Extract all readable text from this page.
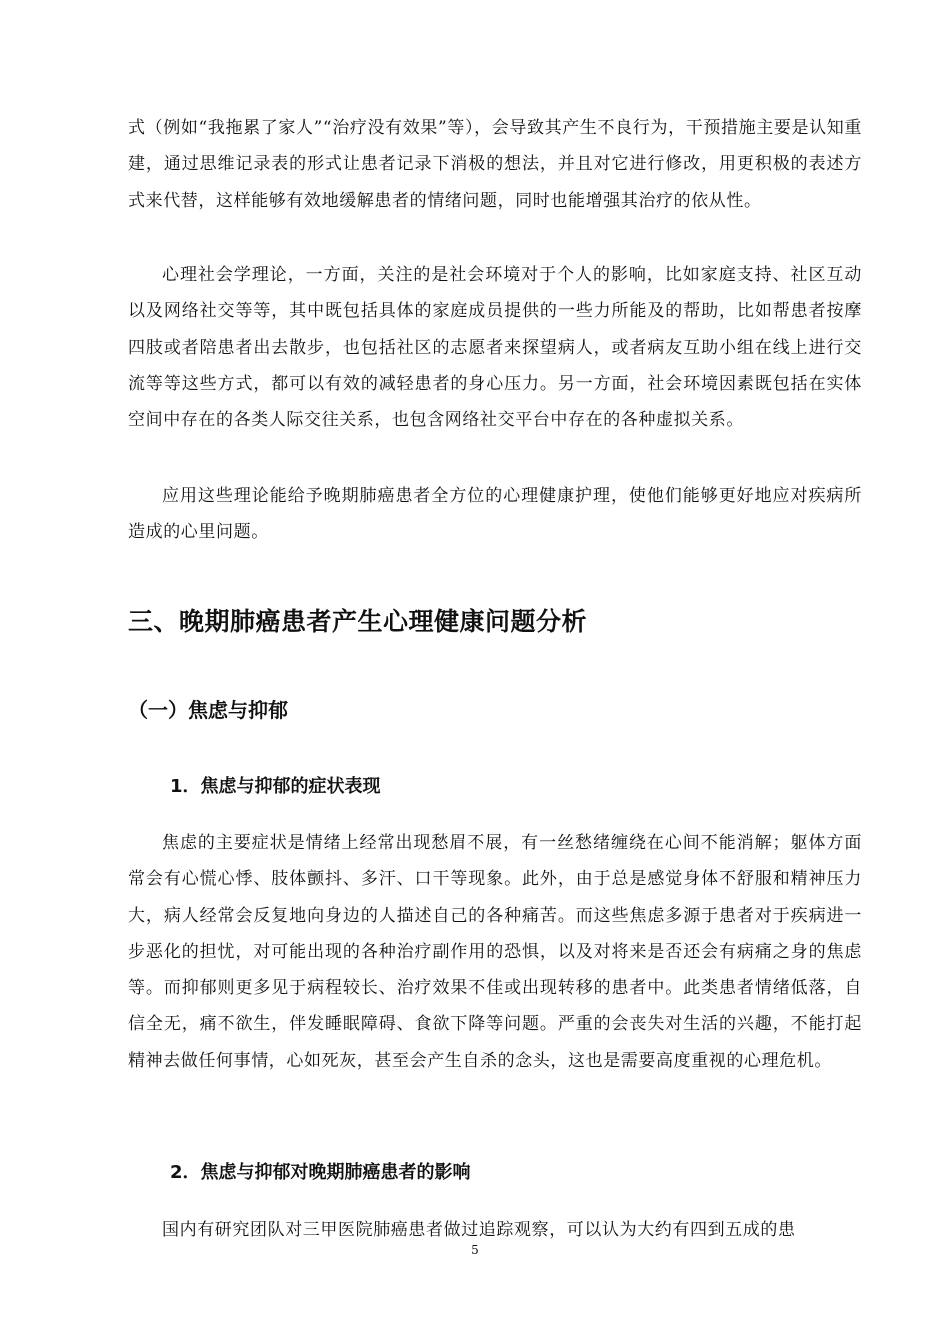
式（例如“我拖累了家人”“治疗没有效果”等），会导致其产生不良行为，干预措施主要是认知重建，通过思维记录表的形式让患者记录下消极的想法，并且对它进行修改，用更积极的表述方式来代替，这样能够有效地缓解患者的情绪问题，同时也能增强其治疗的依从性。

心理社会学理论，一方面，关注的是社会环境对于个人的影响，比如家庭支持、社区互动以及网络社交等等，其中既包括具体的家庭成员提供的一些力所能及的帮助，比如帮患者按摩四肢或者陪患者出去散步，也包括社区的志愿者来探望病人，或者病友互助小组在线上进行交流等等这些方式，都可以有效的减轻患者的身心压力。另一方面，社会环境因素既包括在实体空间中存在的各类人际交往关系，也包含网络社交平台中存在的各种虚拟关系。

应用这些理论能给予晚期肺癌患者全方位的心理健康护理，使他们能够更好地应对疾病所造成的心里问题。

三、晚期肺癌患者产生心理健康问题分析
（一）焦虑与抑郁
1．焦虑与抑郁的症状表现

焦虑的主要症状是情绪上经常出现愁眉不展，有一丝愁绪缠绕在心间不能消解；躯体方面常会有心慌心悸、肢体颤抖、多汗、口干等现象。此外，由于总是感觉身体不舒服和精神压力大，病人经常会反复地向身边的人描述自己的各种痛苦。而这些焦虑多源于患者对于疾病进一步恶化的担忧，对可能出现的各种治疗副作用的恐惧，以及对将来是否还会有病痛之身的焦虑等。而抑郁则更多见于病程较长、治疗效果不佳或出现转移的患者中。此类患者情绪低落，自信全无，痛不欲生，伴发睡眠障碍、食欲下降等问题。严重的会丧失对生活的兴趣，不能打起精神去做任何事情，心如死灰，甚至会产生自杀的念头，这也是需要高度重视的心理危机。

2．焦虑与抑郁对晚期肺癌患者的影响

国内有研究团队对三甲医院肺癌患者做过追踪观察，可以认为大约有四到五成的患

5
